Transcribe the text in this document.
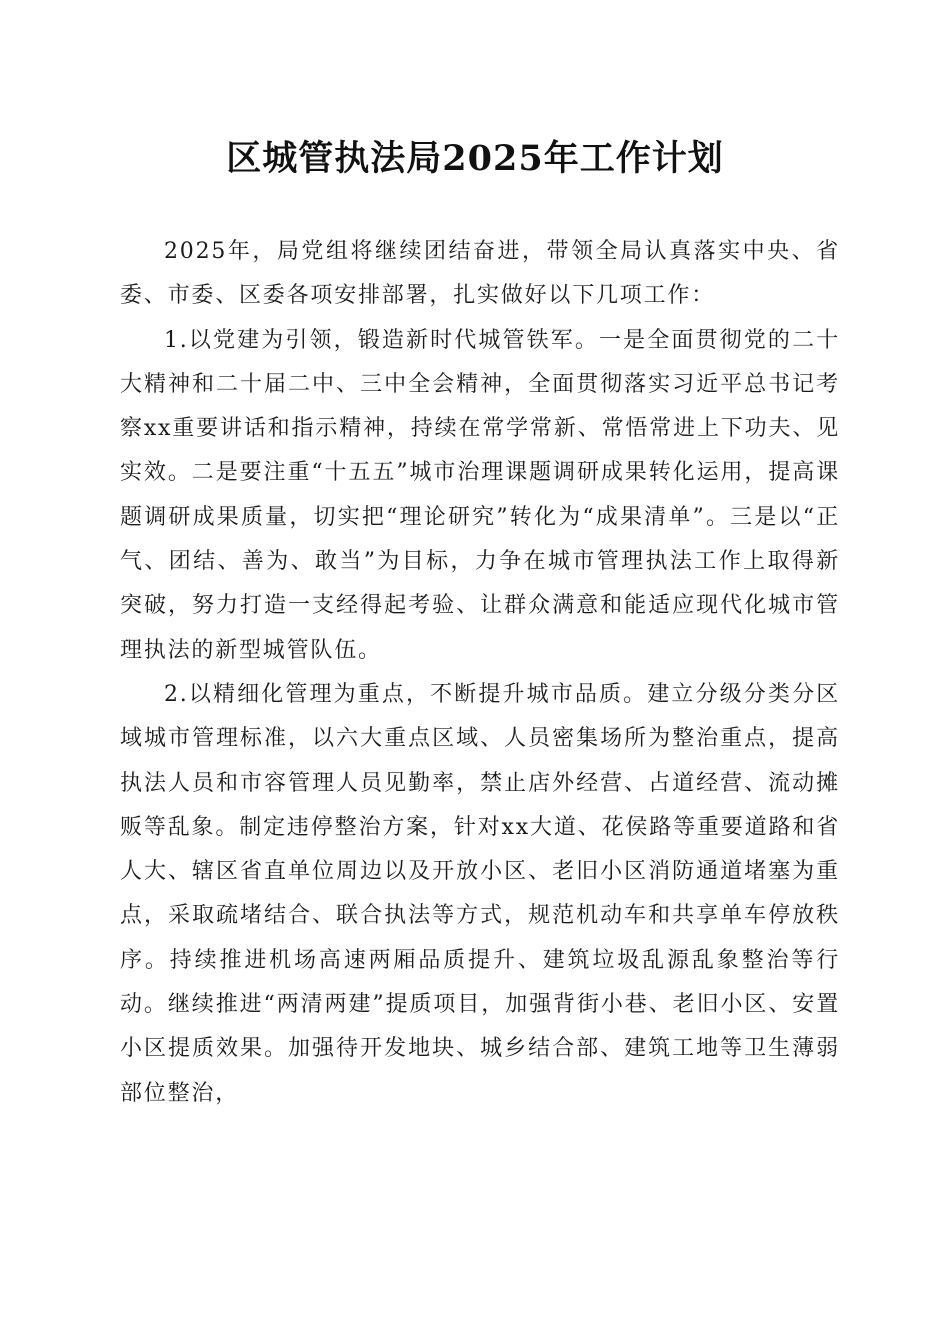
区城管执法局2025年工作计划

2025年，局党组将继续团结奋进，带领全局认真落实中央、省委、市委、区委各项安排部署，扎实做好以下几项工作：

1.以党建为引领，锻造新时代城管铁军。一是全面贯彻党的二十大精神和二十届二中、三中全会精神，全面贯彻落实习近平总书记考察xx重要讲话和指示精神，持续在常学常新、常悟常进上下功夫、见实效。二是要注重“十五五”城市治理课题调研成果转化运用，提高课题调研成果质量，切实把“理论研究”转化为“成果清单”。三是以“正气、团结、善为、敢当”为目标，力争在城市管理执法工作上取得新突破，努力打造一支经得起考验、让群众满意和能适应现代化城市管理执法的新型城管队伍。

2.以精细化管理为重点，不断提升城市品质。建立分级分类分区域城市管理标准，以六大重点区域、人员密集场所为整治重点，提高执法人员和市容管理人员见勤率，禁止店外经营、占道经营、流动摊贩等乱象。制定违停整治方案，针对xx大道、花侯路等重要道路和省人大、辖区省直单位周边以及开放小区、老旧小区消防通道堵塞为重点，采取疏堵结合、联合执法等方式，规范机动车和共享单车停放秩序。持续推进机场高速两厢品质提升、建筑垃圾乱源乱象整治等行动。继续推进“两清两建”提质项目，加强背街小巷、老旧小区、安置小区提质效果。加强待开发地块、城乡结合部、建筑工地等卫生薄弱部位整治，
